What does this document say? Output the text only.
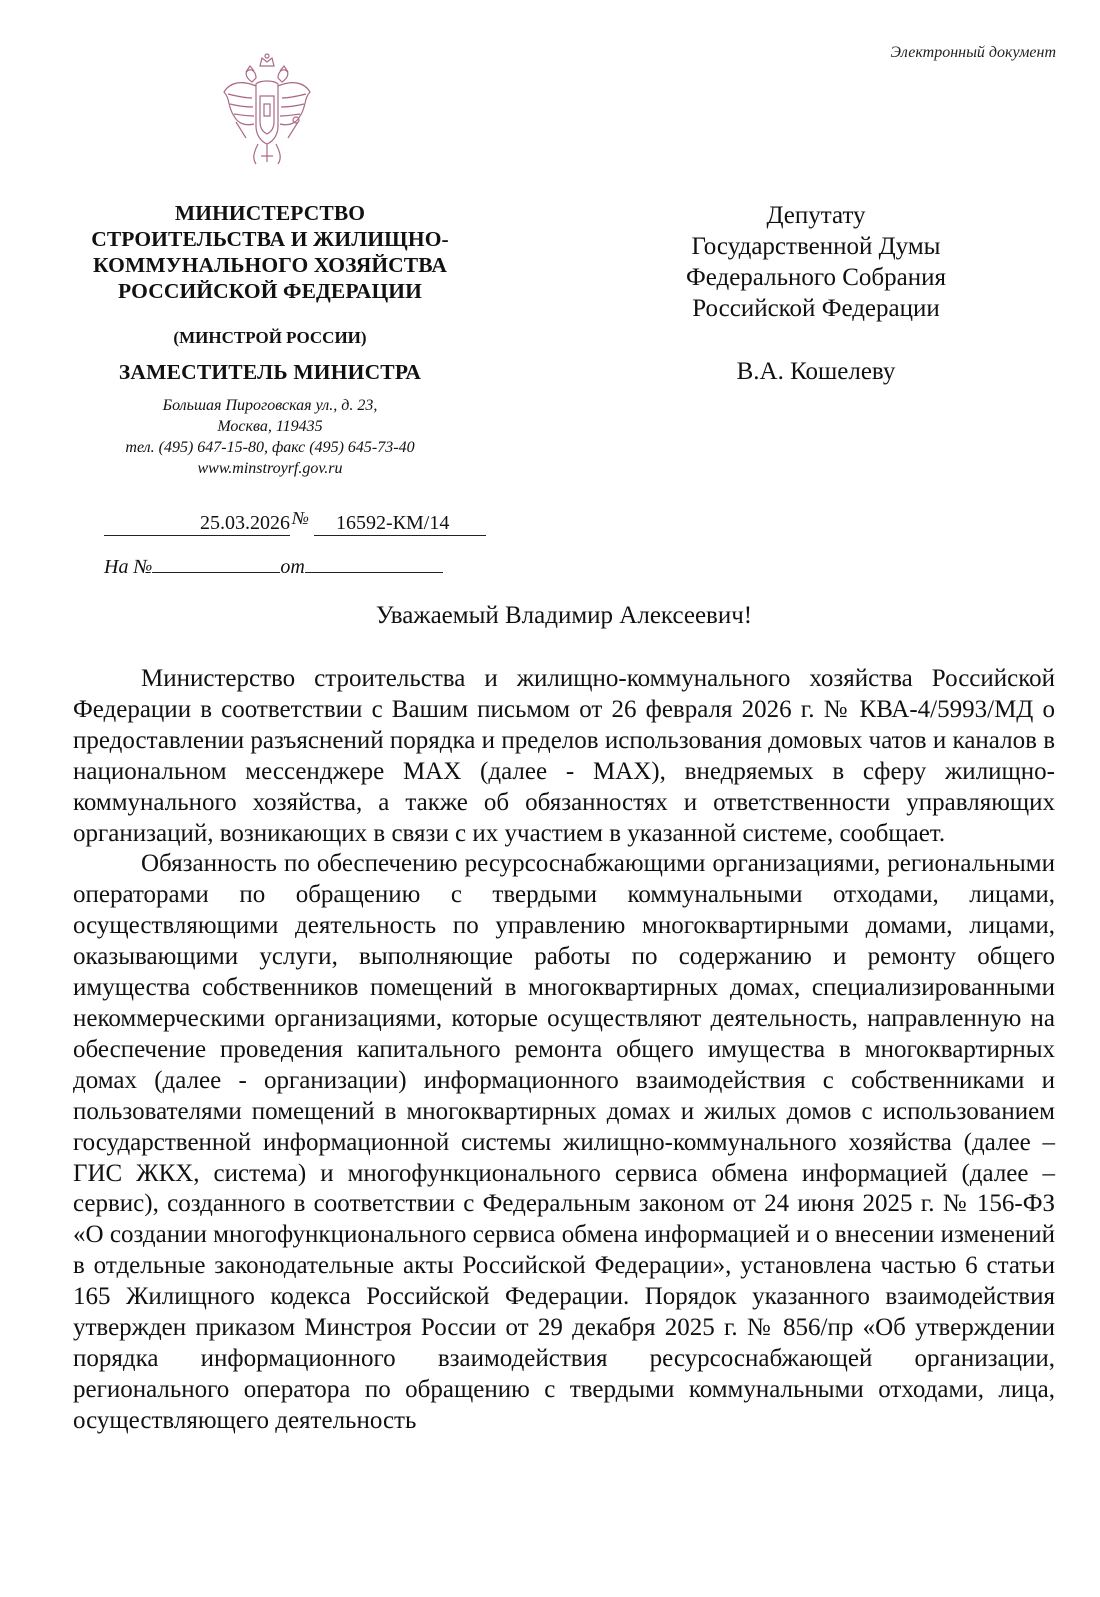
Электронный документ
МИНИСТЕРСТВО
СТРОИТЕЛЬСТВА И ЖИЛИЩНО-
КОММУНАЛЬНОГО ХОЗЯЙСТВА
РОССИЙСКОЙ ФЕДЕРАЦИИ
(МИНСТРОЙ РОССИИ)
ЗАМЕСТИТЕЛЬ МИНИСТРА
Большая Пироговская ул., д. 23,
Москва, 119435
тел. (495) 647-15-80, факс (495) 645-73-40
www.minstroyrf.gov.ru
25.03.2026 №	16592-КМ/14
На №	от
Депутату
Государственной Думы
Федерального Собрания
Российской Федерации
В.А. Кошелеву
Уважаемый Владимир Алексеевич!

Министерство строительства и жилищно-коммунального хозяйства Российской Федерации в соответствии с Вашим письмом от 26 февраля 2026 г. № КВА-4/5993/МД о предоставлении разъяснений порядка и пределов использования домовых чатов и каналов в национальном мессенджере МАХ (далее - МАХ), внедряемых в сферу жилищно-коммунального хозяйства, а также об обязанностях и ответственности управляющих организаций, возникающих в связи с их участием в указанной системе, сообщает.

Обязанность по обеспечению ресурсоснабжающими организациями, региональными операторами по обращению с твердыми коммунальными отходами, лицами, осуществляющими деятельность по управлению многоквартирными домами, лицами, оказывающими услуги, выполняющие работы по содержанию и ремонту общего имущества собственников помещений в многоквартирных домах, специализированными некоммерческими организациями, которые осуществляют деятельность, направленную на обеспечение проведения капитального ремонта общего имущества в многоквартирных домах (далее - организации) информационного взаимодействия с собственниками и пользователями помещений в многоквартирных домах и жилых домов с использованием государственной информационной системы жилищно-коммунального хозяйства (далее – ГИС ЖКХ, система) и многофункционального сервиса обмена информацией (далее – сервис), созданного в соответствии с Федеральным законом от 24 июня 2025 г. № 156-ФЗ «О создании многофункционального сервиса обмена информацией и о внесении изменений в отдельные законодательные акты Российской Федерации», установлена частью 6 статьи 165 Жилищного кодекса Российской Федерации. Порядок указанного взаимодействия утвержден приказом Минстроя России от 29 декабря 2025 г. № 856/пр «Об утверждении порядка информационного взаимодействия ресурсоснабжающей организации, регионального оператора по обращению с твердыми коммунальными отходами, лица, осуществляющего деятельность
